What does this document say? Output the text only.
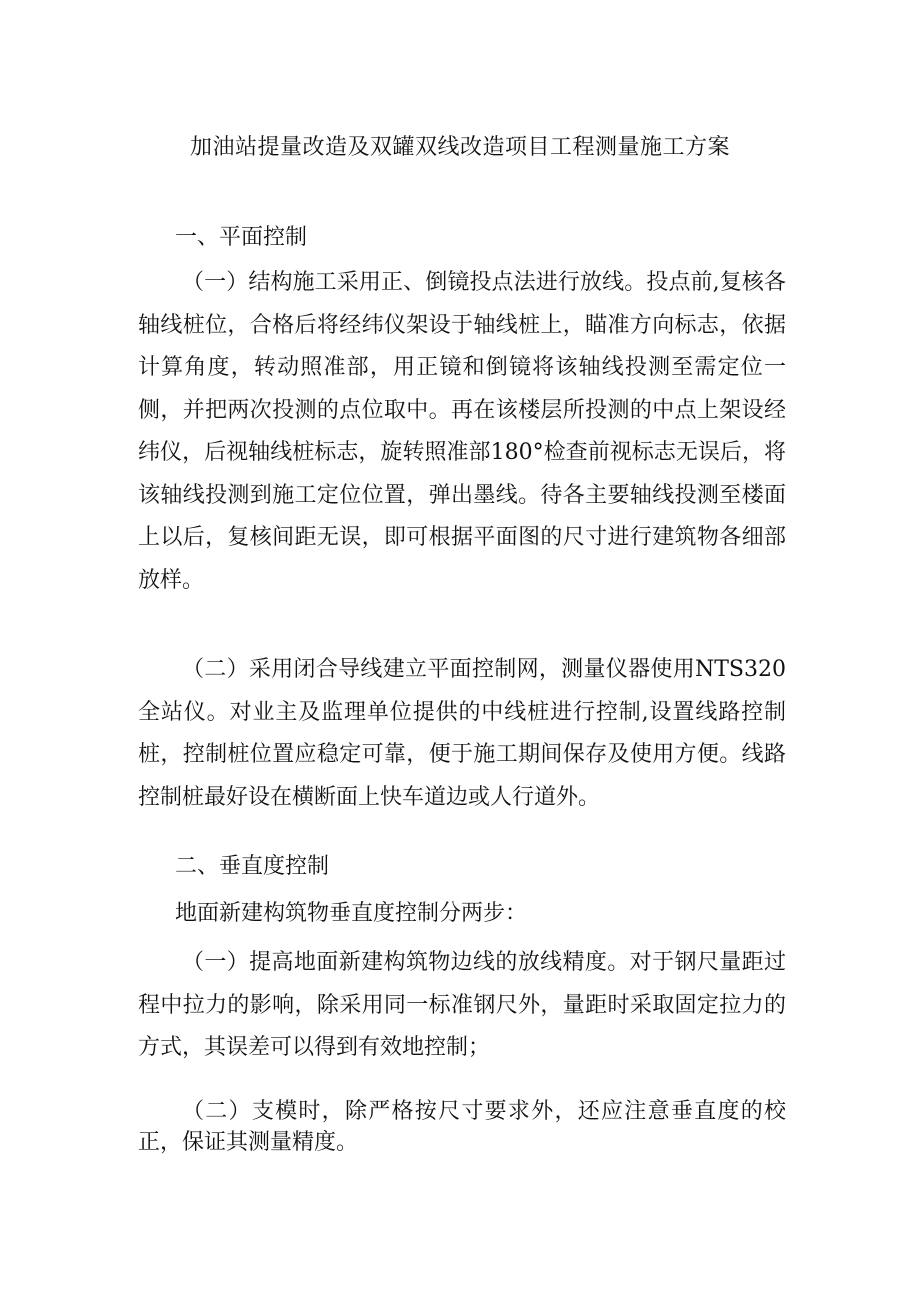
加油站提量改造及双罐双线改造项目工程测量施工方案

一、平面控制

（一）结构施工采用正、倒镜投点法进行放线。投点前,复核各轴线桩位，合格后将经纬仪架设于轴线桩上，瞄准方向标志，依据计算角度，转动照准部，用正镜和倒镜将该轴线投测至需定位一侧，并把两次投测的点位取中。再在该楼层所投测的中点上架设经纬仪，后视轴线桩标志，旋转照准部180°检查前视标志无误后，将该轴线投测到施工定位位置，弹出墨线。待各主要轴线投测至楼面上以后，复核间距无误，即可根据平面图的尺寸进行建筑物各细部放样。

（二）采用闭合导线建立平面控制网，测量仪器使用NTS320全站仪。对业主及监理单位提供的中线桩进行控制,设置线路控制桩，控制桩位置应稳定可靠，便于施工期间保存及使用方便。线路控制桩最好设在横断面上快车道边或人行道外。

二、垂直度控制

地面新建构筑物垂直度控制分两步：

（一）提高地面新建构筑物边线的放线精度。对于钢尺量距过程中拉力的影响，除采用同一标准钢尺外，量距时采取固定拉力的方式，其误差可以得到有效地控制；

（二）支模时，除严格按尺寸要求外，还应注意垂直度的校正，保证其测量精度。
